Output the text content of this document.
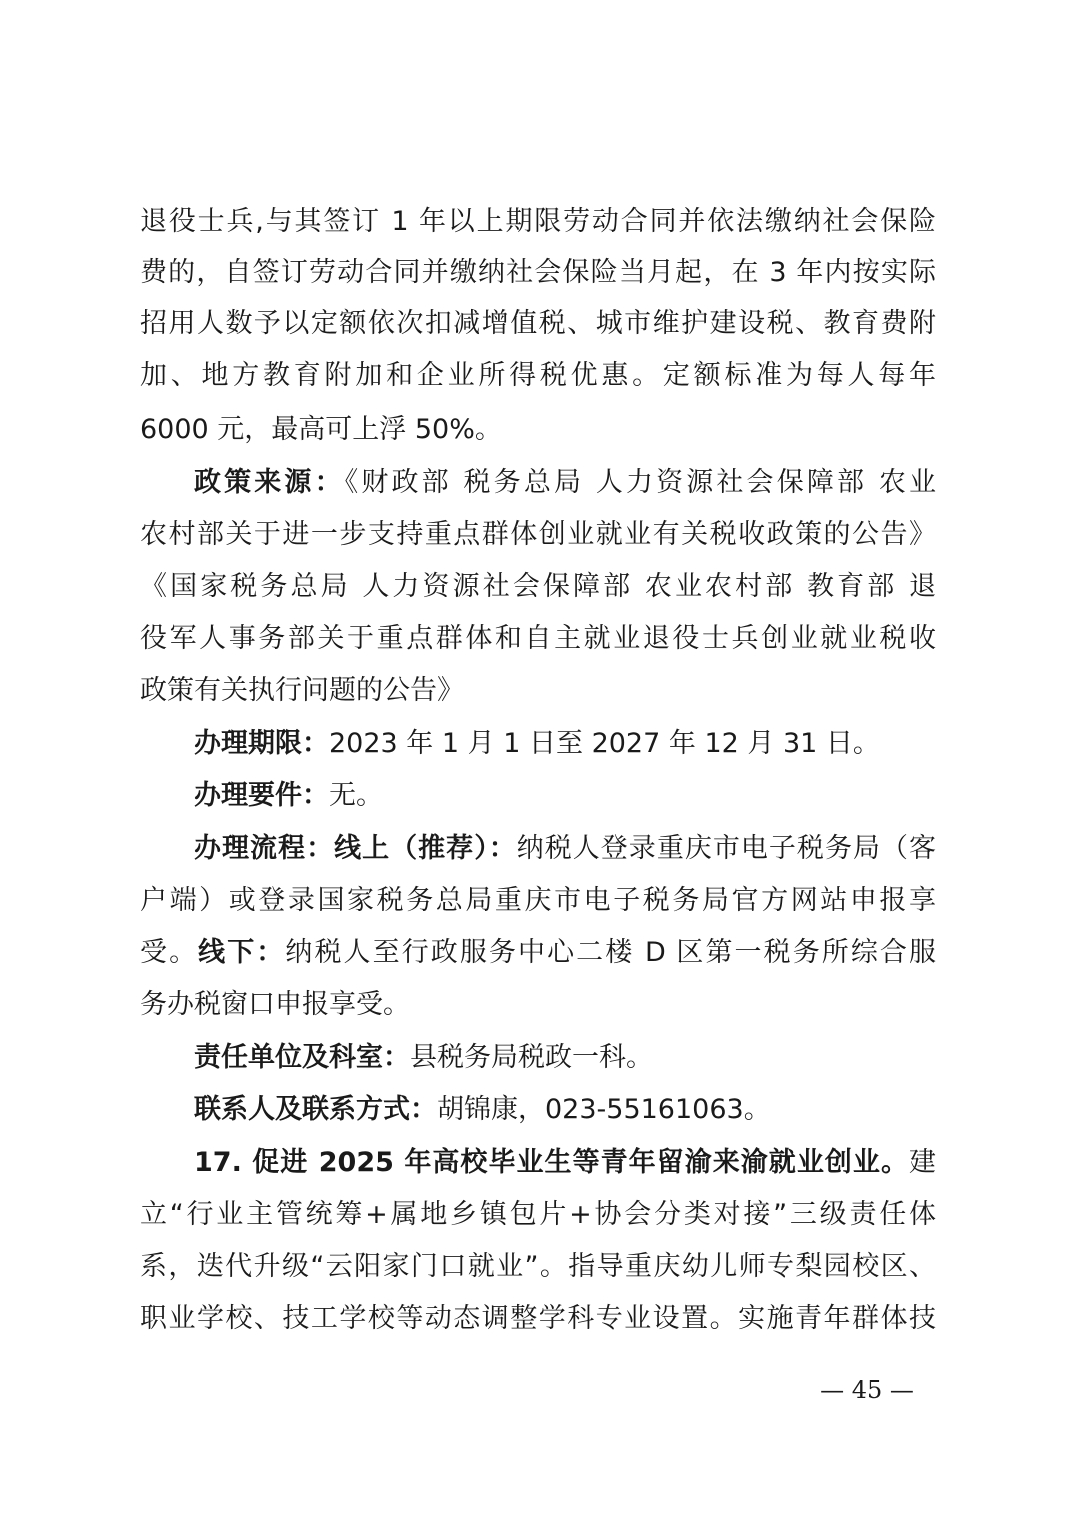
退役士兵,与其签订 1 年以上期限劳动合同并依法缴纳社会保险
费的，自签订劳动合同并缴纳社会保险当月起，在 3 年内按实际
招用人数予以定额依次扣减增值税、城市维护建设税、教育费附
加、地方教育附加和企业所得税优惠。定额标准为每人每年
6000 元，最高可上浮 50%。
政策来源：《财政部 税务总局 人力资源社会保障部 农业
农村部关于进一步支持重点群体创业就业有关税收政策的公告》
《国家税务总局 人力资源社会保障部 农业农村部 教育部 退
役军人事务部关于重点群体和自主就业退役士兵创业就业税收
政策有关执行问题的公告》
办理期限：2023 年 1 月 1 日至 2027 年 12 月 31 日。
办理要件：无。
办理流程：线上（推荐）：纳税人登录重庆市电子税务局（客
户端）或登录国家税务总局重庆市电子税务局官方网站申报享
受。线下：纳税人至行政服务中心二楼 D 区第一税务所综合服
务办税窗口申报享受。
责任单位及科室：县税务局税政一科。
联系人及联系方式：胡锦康，023-55161063。
17. 促进 2025 年高校毕业生等青年留渝来渝就业创业。建
立“行业主管统筹+属地乡镇包片+协会分类对接”三级责任体
系，迭代升级“云阳家门口就业”。指导重庆幼儿师专梨园校区、
职业学校、技工学校等动态调整学科专业设置。实施青年群体技
— 45 —
